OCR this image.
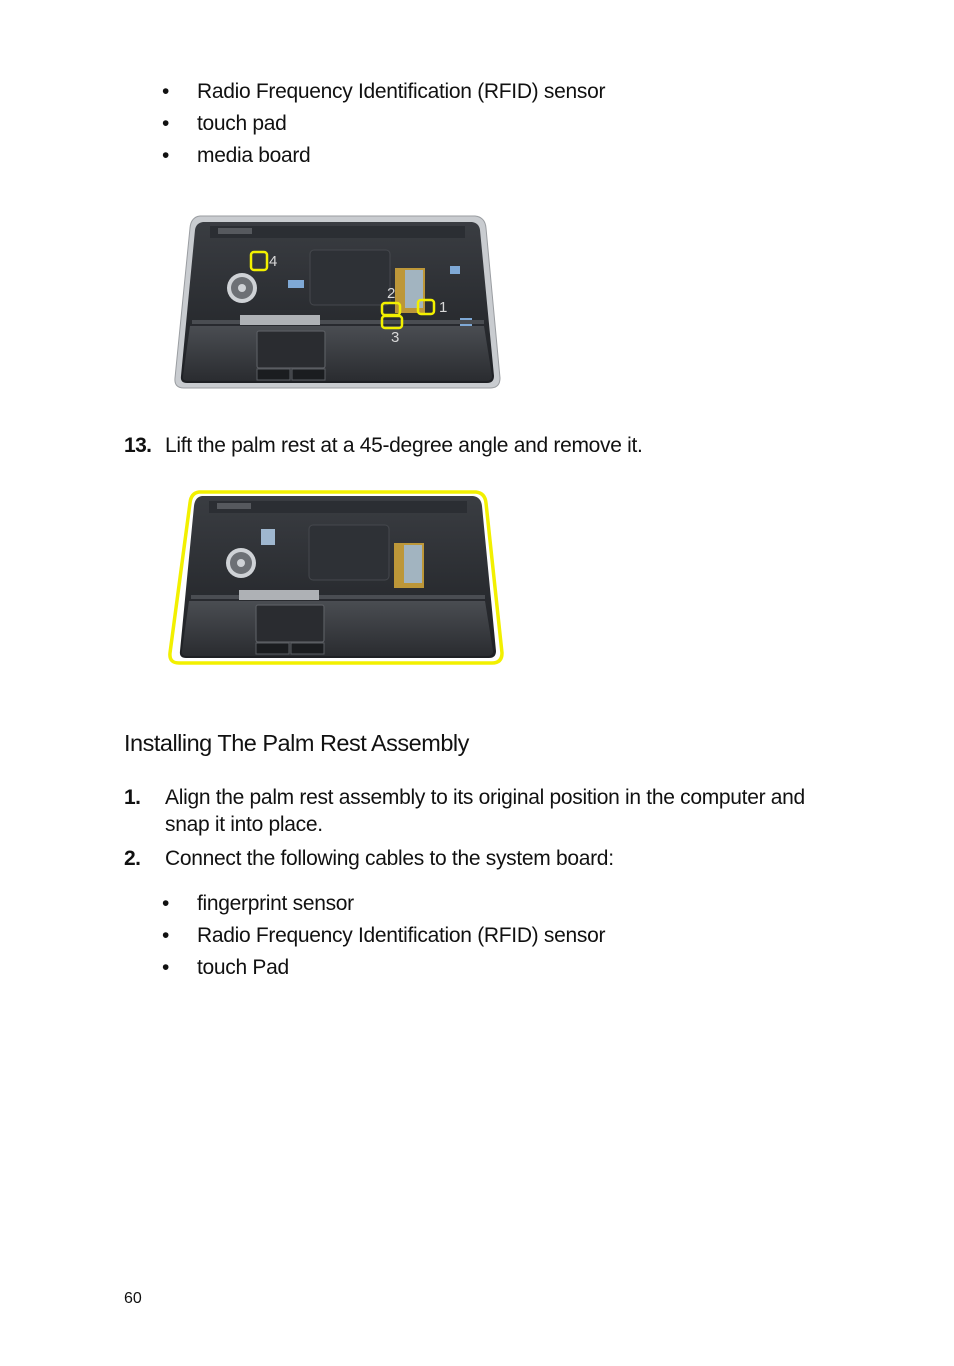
•	Radio Frequency Identification (RFID) sensor
•	touch pad
•	media board
1
2
3
4
13. Lift the palm rest at a 45-degree angle and remove it.
Installing The Palm Rest Assembly
1. Align the palm rest assembly to its original position in the computer and
snap it into place.
2. Connect the following cables to the system board:
•	fingerprint sensor
•	Radio Frequency Identification (RFID) sensor
•	touch Pad
60
